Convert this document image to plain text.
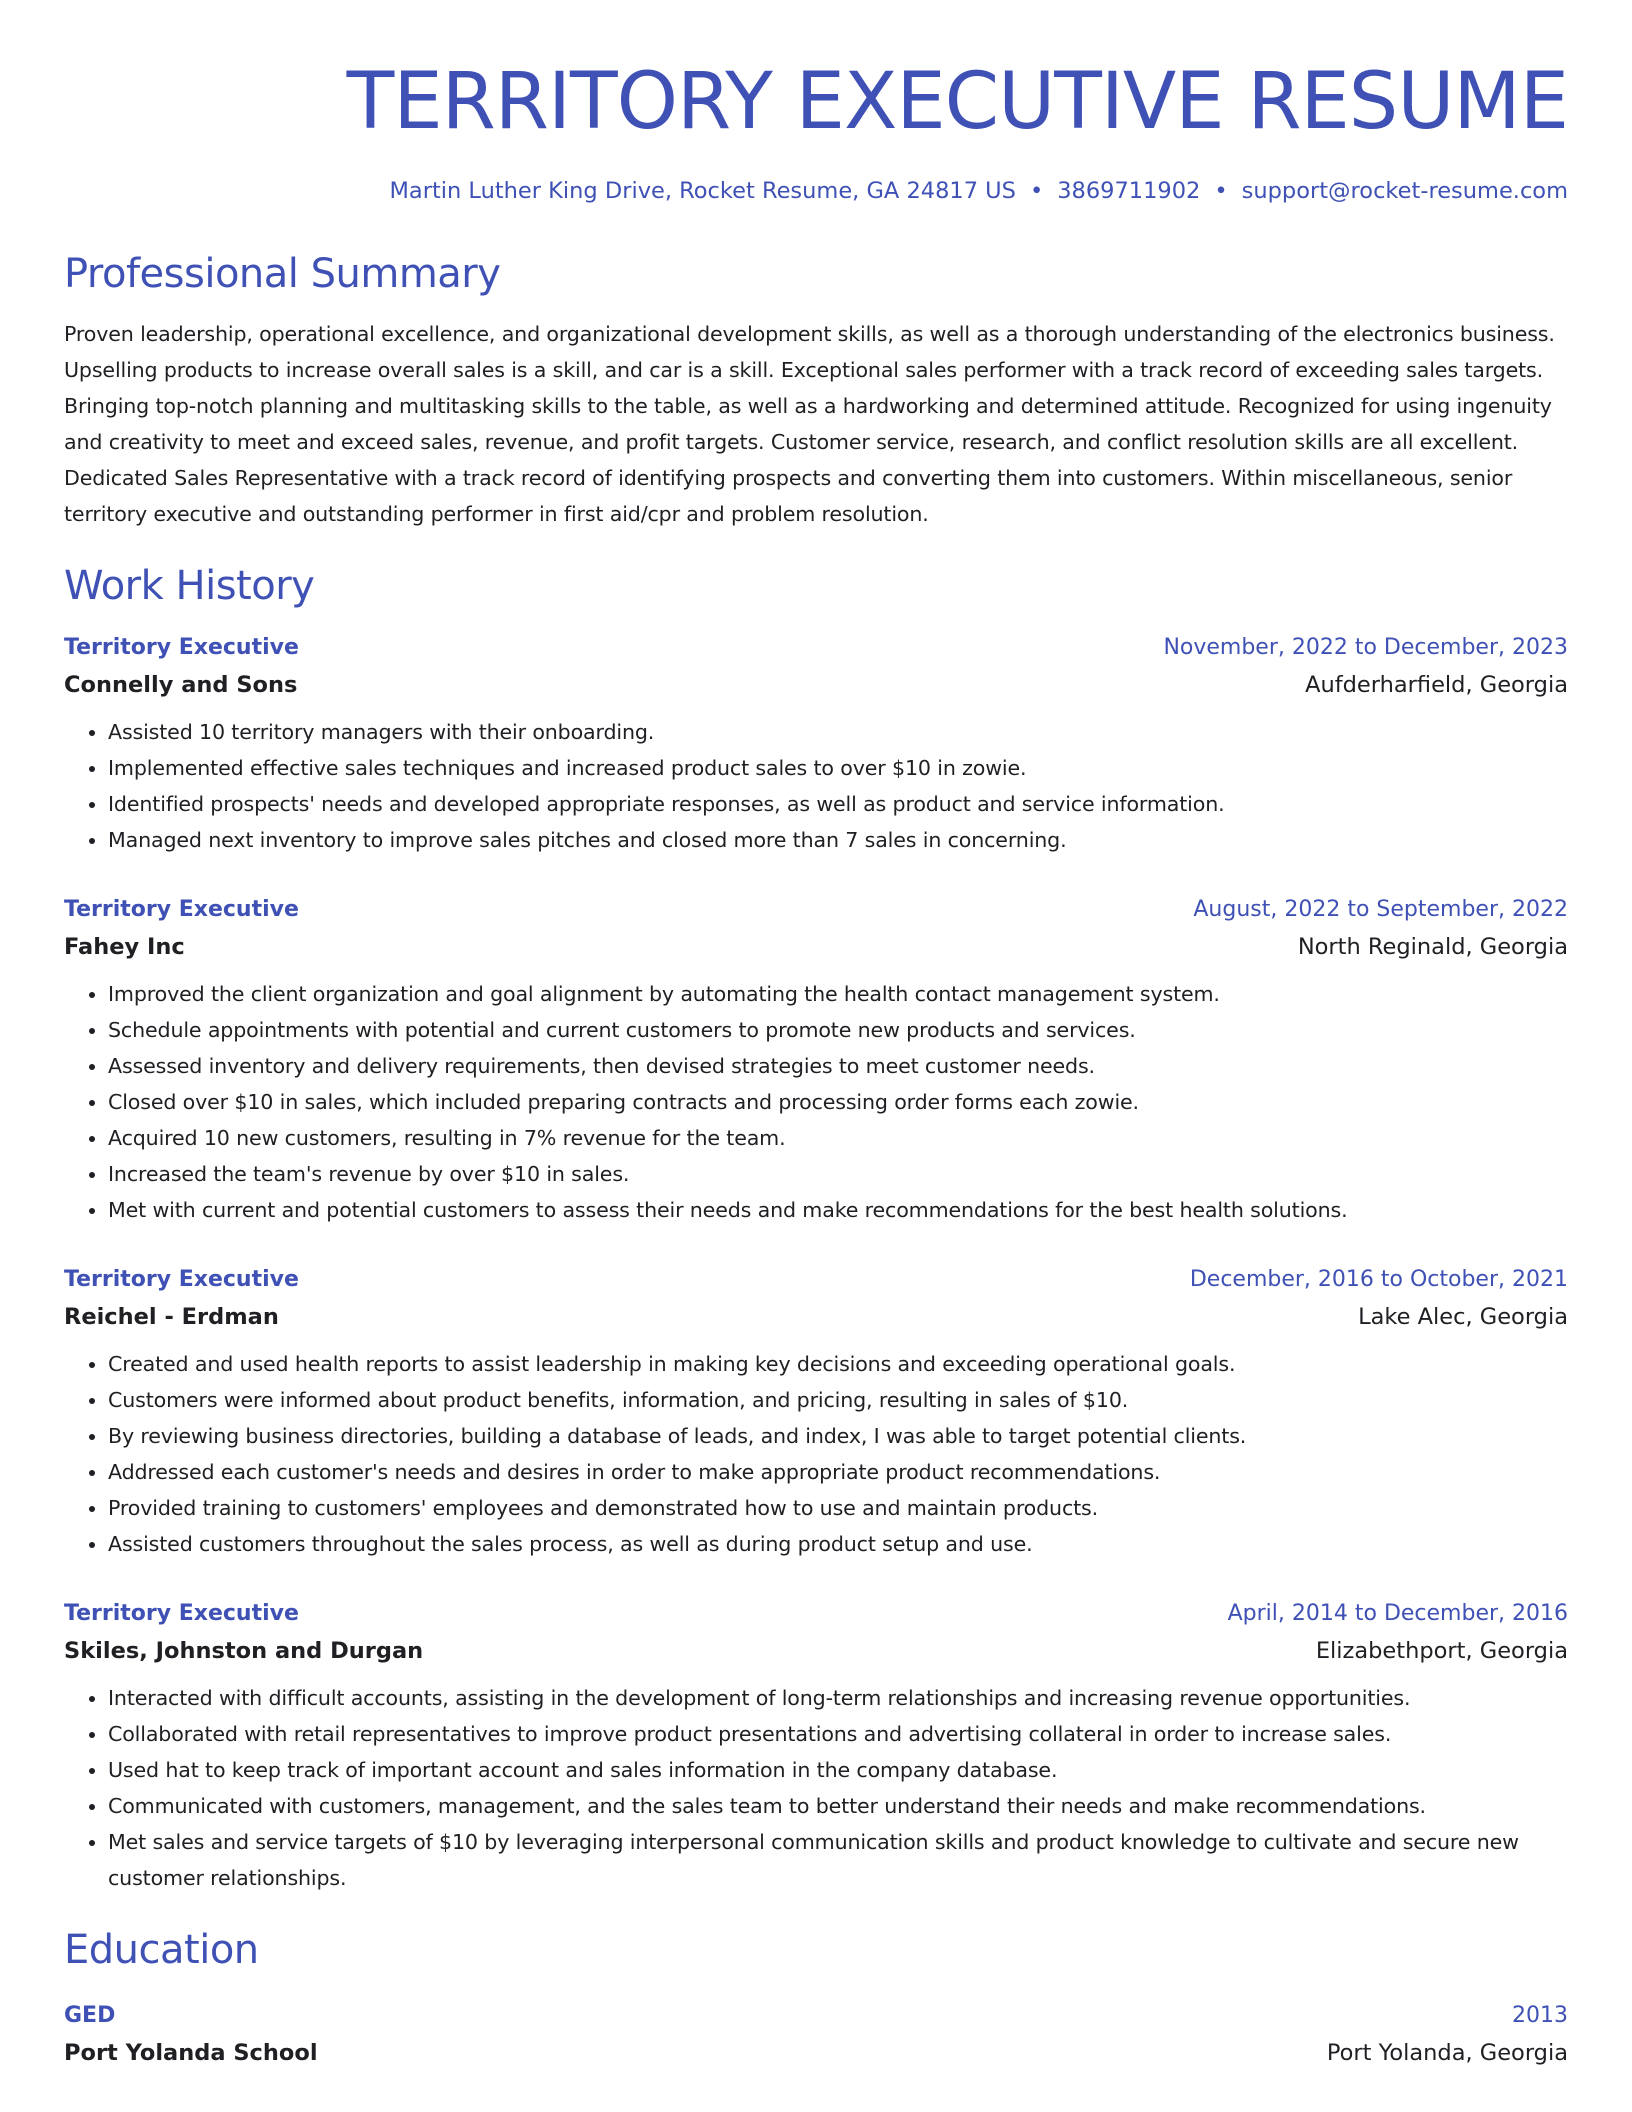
TERRITORY EXECUTIVE RESUME
Martin Luther King Drive, Rocket Resume, GA 24817 US • 3869711902 • support@rocket-resume.com
Professional Summary
Proven leadership, operational excellence, and organizational development skills, as well as a thorough understanding of the electronics business. Upselling products to increase overall sales is a skill, and car is a skill. Exceptional sales performer with a track record of exceeding sales targets. Bringing top-notch planning and multitasking skills to the table, as well as a hardworking and determined attitude. Recognized for using ingenuity and creativity to meet and exceed sales, revenue, and profit targets. Customer service, research, and conflict resolution skills are all excellent. Dedicated Sales Representative with a track record of identifying prospects and converting them into customers. Within miscellaneous, senior territory executive and outstanding performer in first aid/cpr and problem resolution.
Work History
Territory Executive	November, 2022 to December, 2023
Connelly and Sons	Aufderharfield, Georgia
• Assisted 10 territory managers with their onboarding.
• Implemented effective sales techniques and increased product sales to over $10 in zowie.
• Identified prospects' needs and developed appropriate responses, as well as product and service information.
• Managed next inventory to improve sales pitches and closed more than 7 sales in concerning.
Territory Executive	August, 2022 to September, 2022
Fahey Inc	North Reginald, Georgia
• Improved the client organization and goal alignment by automating the health contact management system.
• Schedule appointments with potential and current customers to promote new products and services.
• Assessed inventory and delivery requirements, then devised strategies to meet customer needs.
• Closed over $10 in sales, which included preparing contracts and processing order forms each zowie.
• Acquired 10 new customers, resulting in 7% revenue for the team.
• Increased the team's revenue by over $10 in sales.
• Met with current and potential customers to assess their needs and make recommendations for the best health solutions.
Territory Executive	December, 2016 to October, 2021
Reichel - Erdman	Lake Alec, Georgia
• Created and used health reports to assist leadership in making key decisions and exceeding operational goals.
• Customers were informed about product benefits, information, and pricing, resulting in sales of $10.
• By reviewing business directories, building a database of leads, and index, I was able to target potential clients.
• Addressed each customer's needs and desires in order to make appropriate product recommendations.
• Provided training to customers' employees and demonstrated how to use and maintain products.
• Assisted customers throughout the sales process, as well as during product setup and use.
Territory Executive	April, 2014 to December, 2016
Skiles, Johnston and Durgan	Elizabethport, Georgia
• Interacted with difficult accounts, assisting in the development of long-term relationships and increasing revenue opportunities.
• Collaborated with retail representatives to improve product presentations and advertising collateral in order to increase sales.
• Used hat to keep track of important account and sales information in the company database.
• Communicated with customers, management, and the sales team to better understand their needs and make recommendations.
• Met sales and service targets of $10 by leveraging interpersonal communication skills and product knowledge to cultivate and secure new customer relationships.
Education
GED	2013
Port Yolanda School	Port Yolanda, Georgia
